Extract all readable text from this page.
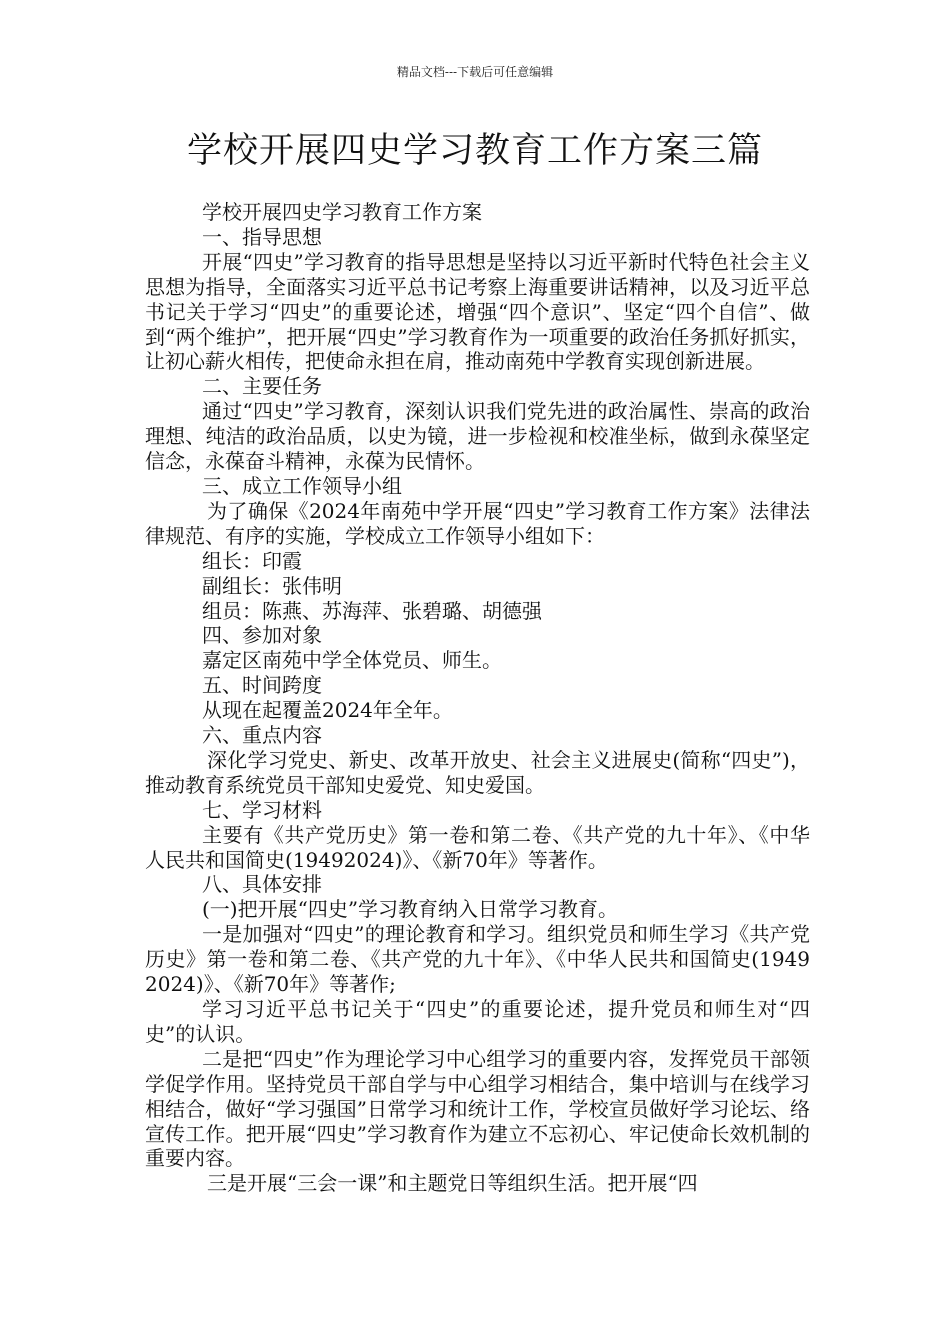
精品文档---下载后可任意编辑
学校开展四史学习教育工作方案三篇

学校开展四史学习教育工作方案

一、指导思想

开展“四史”学习教育的指导思想是坚持以习近平新时代特色社会主义思想为指导，全面落实习近平总书记考察上海重要讲话精神，以及习近平总书记关于学习“四史”的重要论述，增强“四个意识”、坚定“四个自信”、做到“两个维护”，把开展“四史”学习教育作为一项重要的政治任务抓好抓实，让初心薪火相传，把使命永担在肩，推动南苑中学教育实现创新进展。

二、主要任务

通过“四史”学习教育，深刻认识我们党先进的政治属性、崇高的政治理想、纯洁的政治品质，以史为镜，进一步检视和校准坐标，做到永葆坚定信念，永葆奋斗精神，永葆为民情怀。

三、成立工作领导小组

为了确保《2024年南苑中学开展“四史”学习教育工作方案》法律法律规范、有序的实施，学校成立工作领导小组如下：

组长：印霞

副组长：张伟明

组员：陈燕、苏海萍、张碧璐、胡德强

四、参加对象

嘉定区南苑中学全体党员、师生。

五、时间跨度

从现在起覆盖2024年全年。

六、重点内容

深化学习党史、新史、改革开放史、社会主义进展史(简称“四史”)，推动教育系统党员干部知史爱党、知史爱国。

七、学习材料

主要有《共产党历史》第一卷和第二卷、《共产党的九十年》、《中华人民共和国简史(19492024)》、《新70年》等著作。

八、具体安排

(一)把开展“四史”学习教育纳入日常学习教育。

一是加强对“四史”的理论教育和学习。组织党员和师生学习《共产党历史》第一卷和第二卷、《共产党的九十年》、《中华人民共和国简史(1949 2024)》、《新70年》等著作;

学习习近平总书记关于“四史”的重要论述，提升党员和师生对“四史”的认识。

二是把“四史”作为理论学习中心组学习的重要内容，发挥党员干部领学促学作用。坚持党员干部自学与中心组学习相结合，集中培训与在线学习相结合，做好“学习强国”日常学习和统计工作，学校宣员做好学习论坛、络宣传工作。把开展“四史”学习教育作为建立不忘初心、牢记使命长效机制的重要内容。

三是开展“三会一课”和主题党日等组织生活。把开展“四
